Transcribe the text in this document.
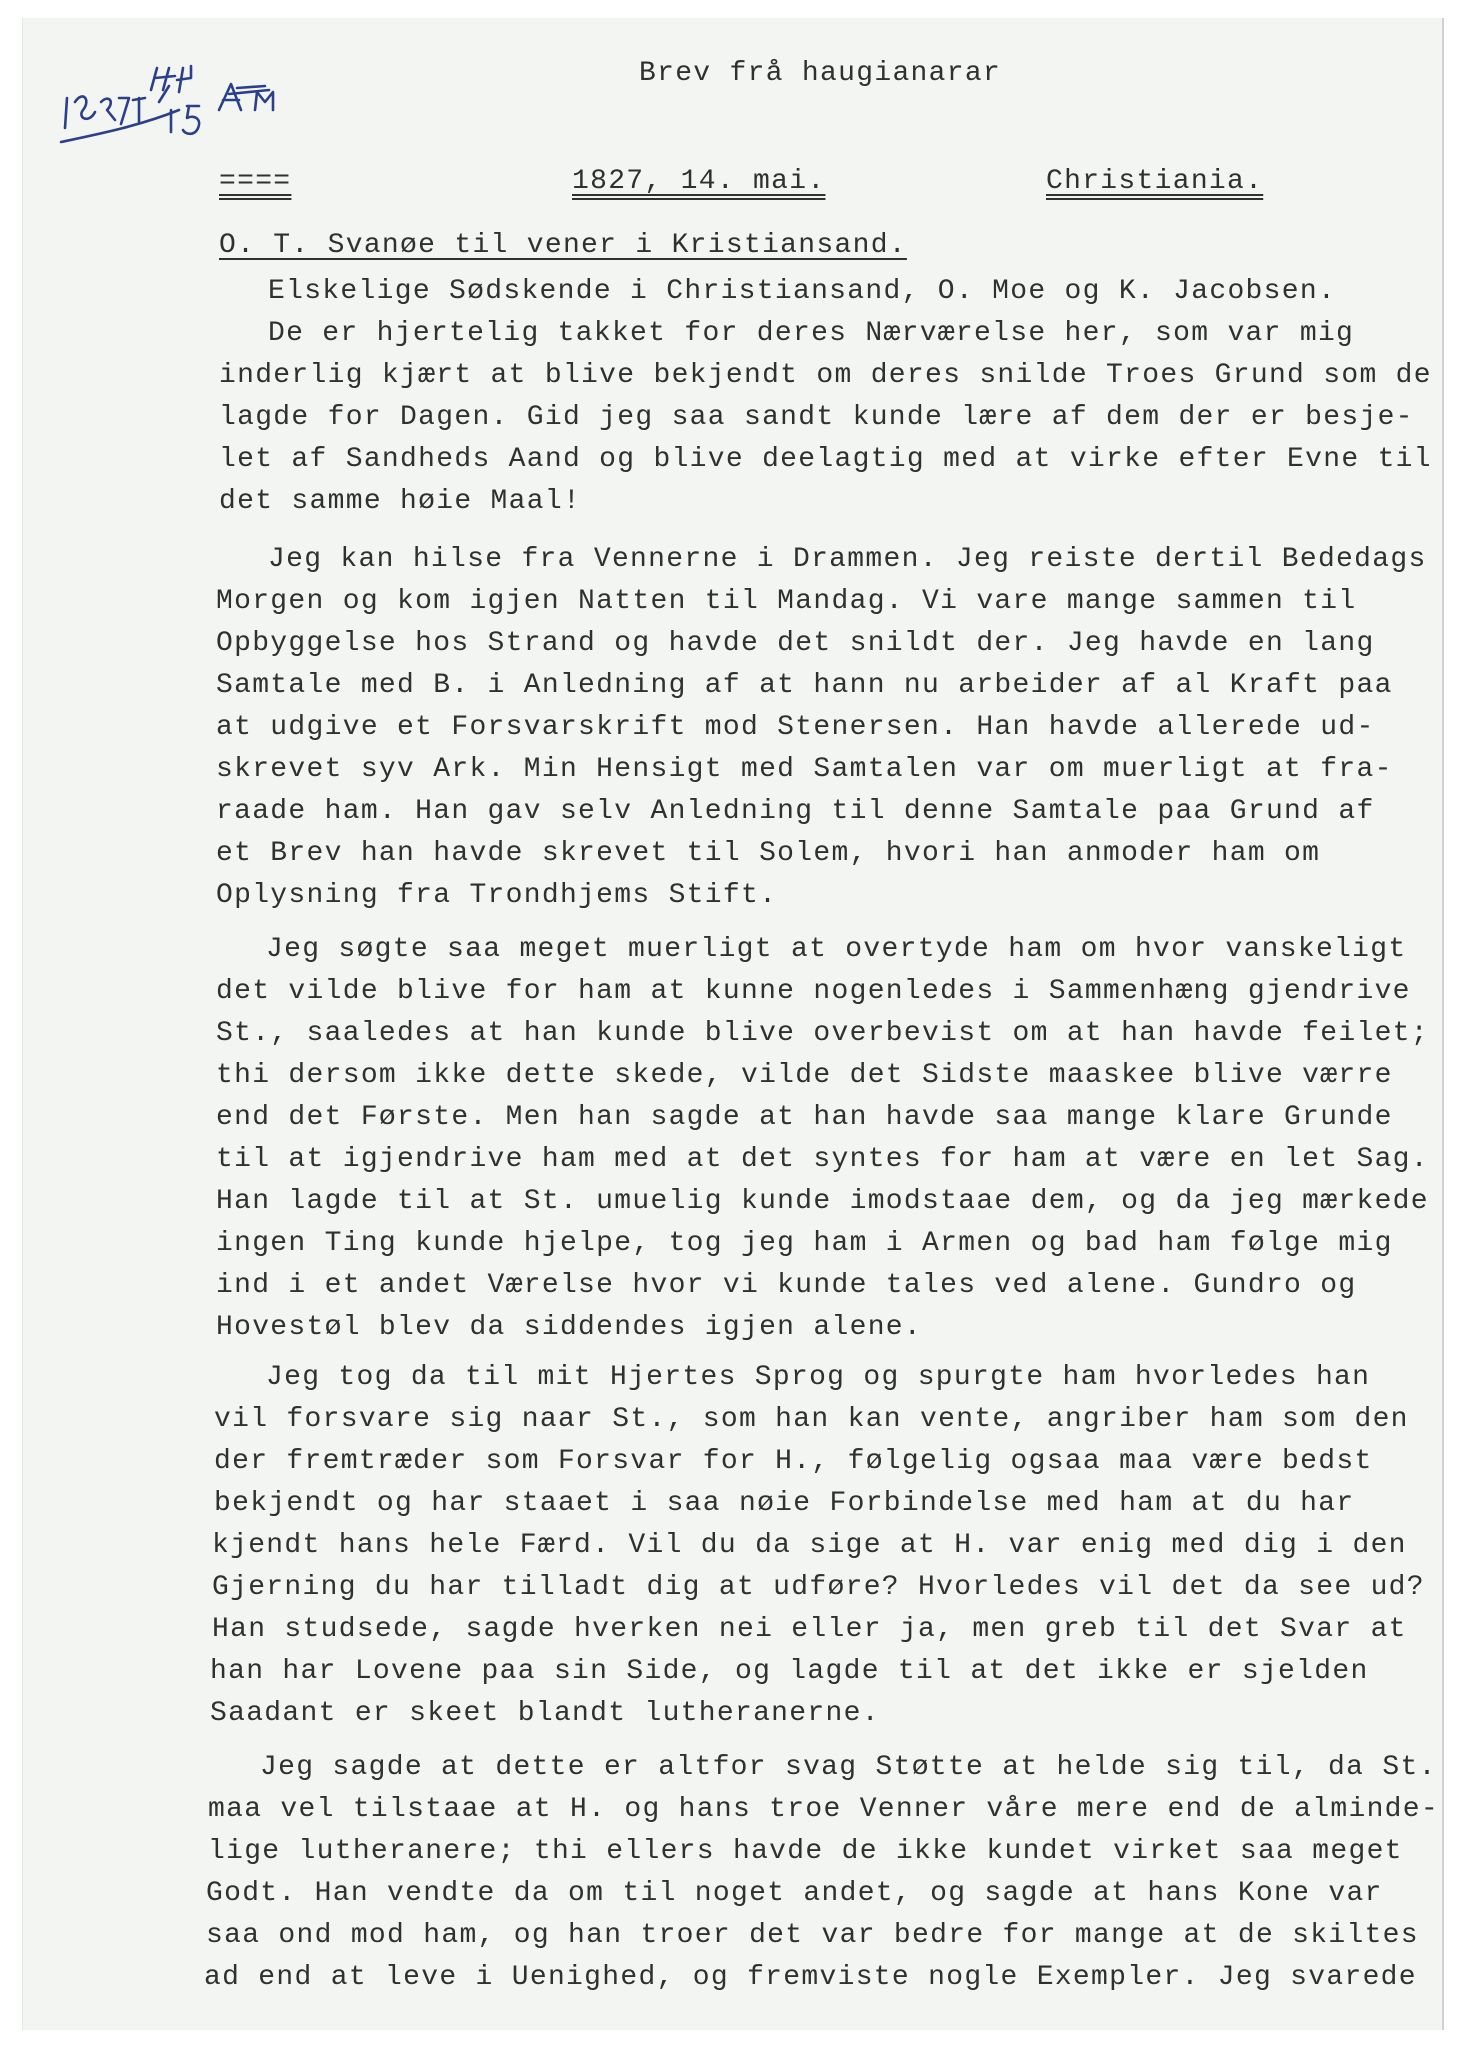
Brev frå haugianarar
====	1827, 14. mai.	Christiania.
O. T. Svanøe til vener i Kristiansand.
Elskelige Sødskende i Christiansand, O. Moe og K. Jacobsen.
De er hjertelig takket for deres Nærværelse her, som var mig
inderlig kjært at blive bekjendt om deres snilde Troes Grund som de
lagde for Dagen. Gid jeg saa sandt kunde lære af dem der er besje-
let af Sandheds Aand og blive deelagtig med at virke efter Evne til
det samme høie Maal!
Jeg kan hilse fra Vennerne i Drammen. Jeg reiste dertil Bededags
Morgen og kom igjen Natten til Mandag. Vi vare mange sammen til
Opbyggelse hos Strand og havde det snildt der. Jeg havde en lang
Samtale med B. i Anledning af at hann nu arbeider af al Kraft paa
at udgive et Forsvarskrift mod Stenersen. Han havde allerede ud-
skrevet syv Ark. Min Hensigt med Samtalen var om muerligt at fra-
raade ham. Han gav selv Anledning til denne Samtale paa Grund af
et Brev han havde skrevet til Solem, hvori han anmoder ham om
Oplysning fra Trondhjems Stift.
Jeg søgte saa meget muerligt at overtyde ham om hvor vanskeligt
det vilde blive for ham at kunne nogenledes i Sammenhæng gjendrive
St., saaledes at han kunde blive overbevist om at han havde feilet;
thi dersom ikke dette skede, vilde det Sidste maaskee blive værre
end det Første. Men han sagde at han havde saa mange klare Grunde
til at igjendrive ham med at det syntes for ham at være en let Sag.
Han lagde til at St. umuelig kunde imodstaae dem, og da jeg mærkede
ingen Ting kunde hjelpe, tog jeg ham i Armen og bad ham følge mig
ind i et andet Værelse hvor vi kunde tales ved alene. Gundro og
Hovestøl blev da siddendes igjen alene.
Jeg tog da til mit Hjertes Sprog og spurgte ham hvorledes han
vil forsvare sig naar St., som han kan vente, angriber ham som den
der fremtræder som Forsvar for H., følgelig ogsaa maa være bedst
bekjendt og har staaet i saa nøie Forbindelse med ham at du har
kjendt hans hele Færd. Vil du da sige at H. var enig med dig i den
Gjerning du har tilladt dig at udføre? Hvorledes vil det da see ud?
Han studsede, sagde hverken nei eller ja, men greb til det Svar at
han har Lovene paa sin Side, og lagde til at det ikke er sjelden
Saadant er skeet blandt lutheranerne.
Jeg sagde at dette er altfor svag Støtte at helde sig til, da St.
maa vel tilstaae at H. og hans troe Venner våre mere end de alminde-
lige lutheranere; thi ellers havde de ikke kundet virket saa meget
Godt. Han vendte da om til noget andet, og sagde at hans Kone var
saa ond mod ham, og han troer det var bedre for mange at de skiltes
ad end at leve i Uenighed, og fremviste nogle Exempler. Jeg svarede
